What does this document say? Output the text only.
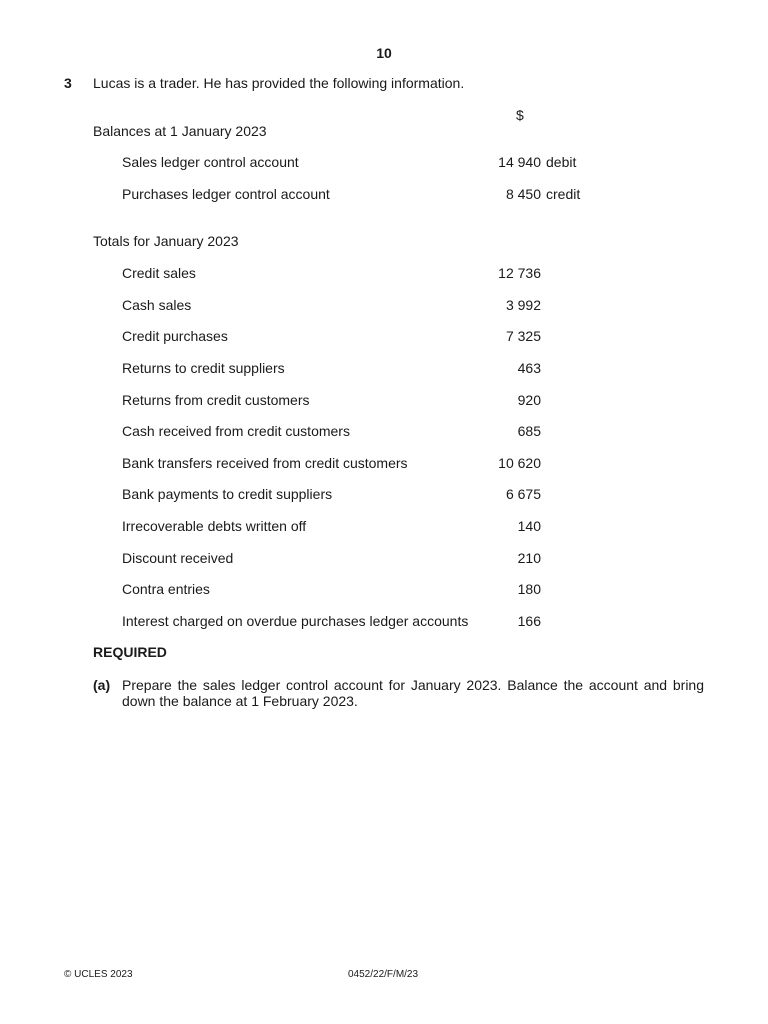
10
3 Lucas is a trader. He has provided the following information.
$
Balances at 1 January 2023
Sales ledger control account	14 940 debit
Purchases ledger control account	8 450 credit
Totals for January 2023
Credit sales	12 736
Cash sales	3 992
Credit purchases	7 325
Returns to credit suppliers	463
Returns from credit customers	920
Cash received from credit customers	685
Bank transfers received from credit customers	10 620
Bank payments to credit suppliers	6 675
Irrecoverable debts written off	140
Discount received	210
Contra entries	180
Interest charged on overdue purchases ledger accounts	166
REQUIRED
(a) Prepare the sales ledger control account for January 2023. Balance the account and bring down the balance at 1 February 2023.
© UCLES 2023	0452/22/F/M/23
